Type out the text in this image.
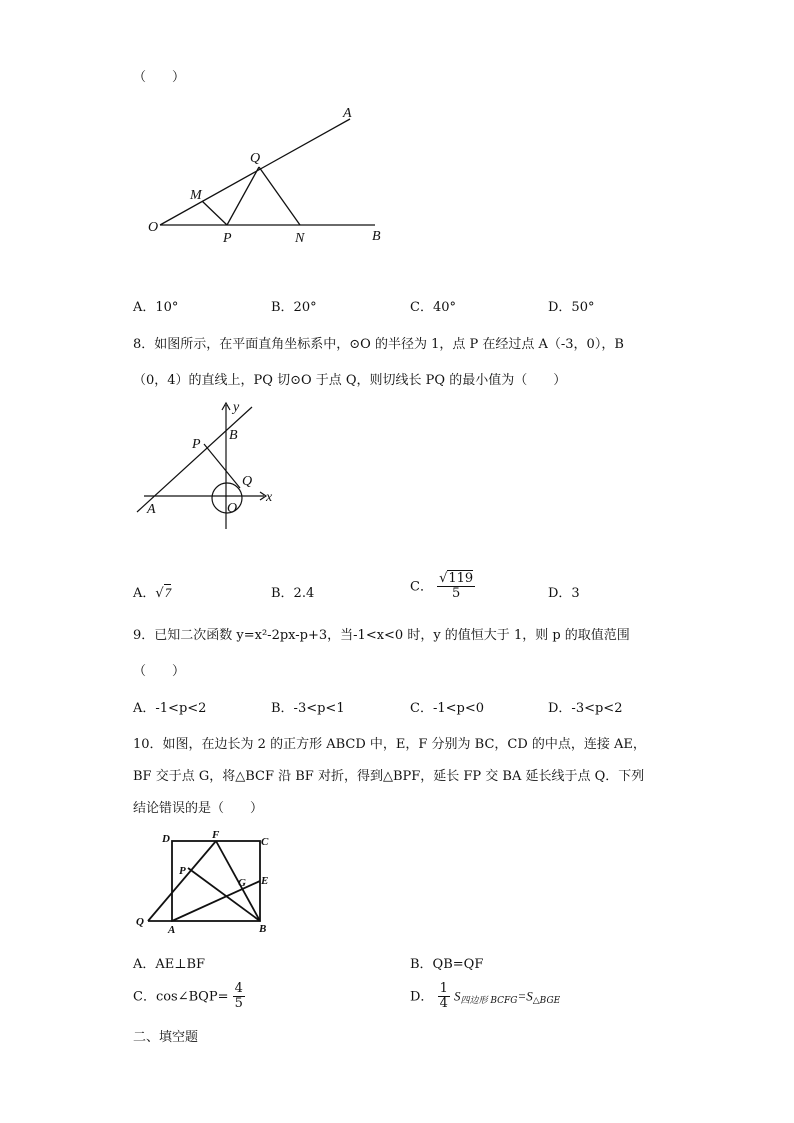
（　　）
A
Q
M
O
P	N	B
A．10°	B．20°	C．40°	D．50°
8．如图所示，在平面直角坐标系中，⊙O 的半径为 1，点 P 在经过点 A（-3，0），B
（0，4）的直线上，PQ 切⊙O 于点 Q，则切线长 PQ 的最小值为（　　）
y
x
P
B
Q
A	O
A．√7	B．2.4	C． $\frac{√119}{5}$	D．3
9．已知二次函数 y=x²-2px-p+3，当-1<x<0 时，y 的值恒大于 1，则 p 的取值范围
（　　）
A．-1<p<2	B．-3<p<1	C．-1<p<0	D．-3<p<2
10．如图，在边长为 2 的正方形 ABCD 中，E，F 分别为 BC，CD 的中点，连接 AE，
BF 交于点 G，将△BCF 沿 BF 对折，得到△BPF，延长 FP 交 BA 延长线于点 Q．下列
结论错误的是（　　）
D	F
C
P
G E
Q
A	B
A．AE⊥BF	B．QB=QF
C．cos∠BQP= $\frac{4}{5}$	D． $\frac{1}{4} S_{四边形 BCFG}=S_{\triangle BGE}$
二、填空题
